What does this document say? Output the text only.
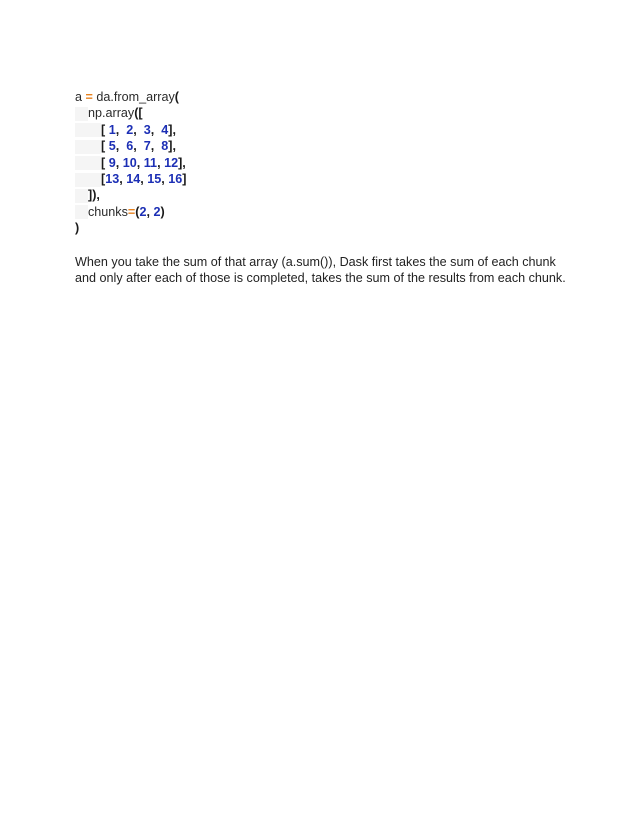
a = da.from_array(
np.array([
[ 1,  2,  3,  4],
[ 5,  6,  7,  8],
[ 9, 10, 11, 12],
[13, 14, 15, 16]
]),
chunks=(2, 2)
)

When you take the sum of that array (a.sum()), Dask first takes the sum of each chunk and only after each of those is completed, takes the sum of the results from each chunk.
